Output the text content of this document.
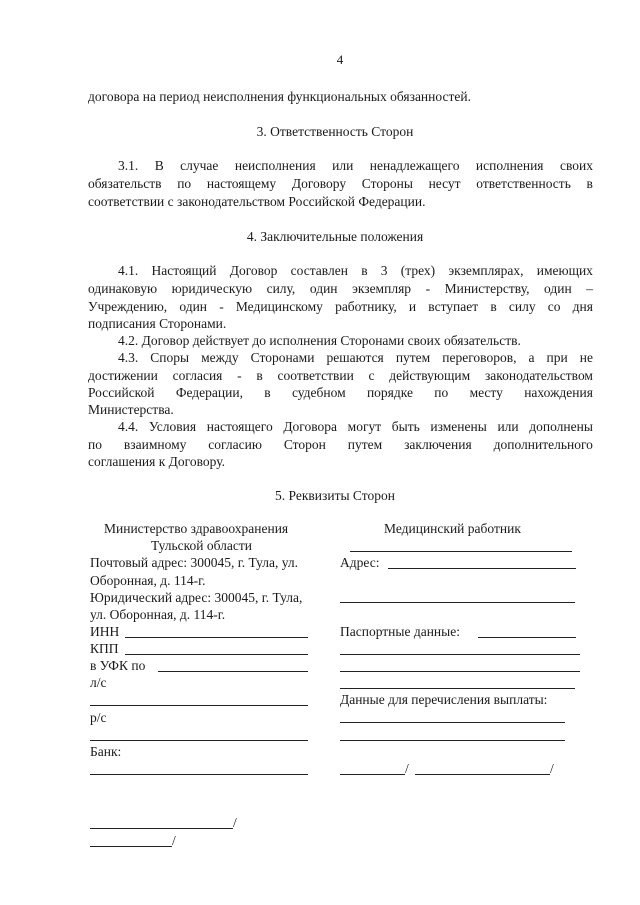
4
договора на период неисполнения функциональных обязанностей.
3. Ответственность Сторон
3.1. В случае неисполнения или ненадлежащего исполнения своих
обязательств по настоящему Договору Стороны несут ответственность в
соответствии с законодательством Российской Федерации.
4. Заключительные положения
4.1. Настоящий Договор составлен в 3 (трех) экземплярах, имеющих
одинаковую юридическую силу, один экземпляр - Министерству, один –
Учреждению, один - Медицинскому работнику, и вступает в силу со дня
подписания Сторонами.
4.2. Договор действует до исполнения Сторонами своих обязательств.
4.3. Споры между Сторонами решаются путем переговоров, а при не
достижении согласия - в соответствии с действующим законодательством
Российской Федерации, в судебном порядке по месту нахождения
Министерства.
4.4. Условия настоящего Договора могут быть изменены или дополнены
по взаимному согласию Сторон путем заключения дополнительного
соглашения к Договору.
5. Реквизиты Сторон
Министерство здравоохранения
Тульской области
Почтовый адрес: 300045, г. Тула, ул.
Оборонная, д. 114-г.
Юридический адрес: 300045, г. Тула,
ул. Оборонная, д. 114-г.
ИНН
КПП
в УФК по
л/с
р/с
Банк:
/
/
Медицинский работник
Адрес:
Паспортные данные:
Данные для перечисления выплаты:
/	/
